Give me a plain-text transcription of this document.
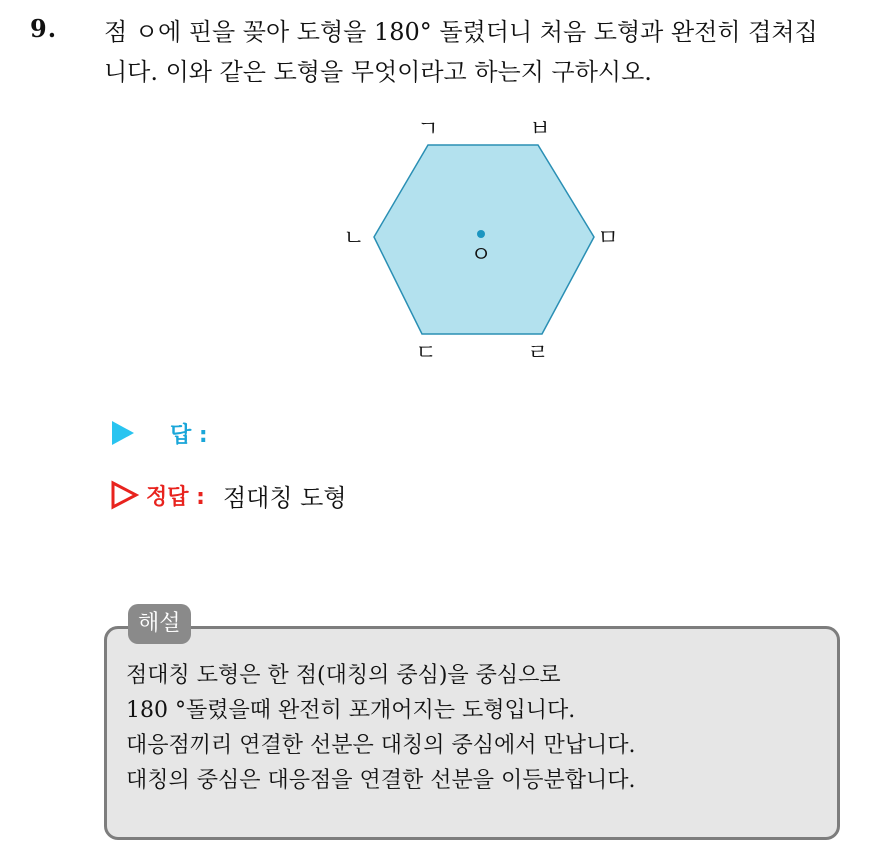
9. 점 ㅇ에 핀을 꽂아 도형을 180° 돌렸더니 처음 도형과 완전히 겹쳐집
니다. 이와 같은 도형을 무엇이라고 하는지 구하시오.
ㅇ
ㄱ	ㅂ
ㄴ	ㅁ
ㄷ	ㄹ
답 :
정답 : 점대칭 도형
해설
점대칭 도형은 한 점(대칭의 중심)을 중심으로
180 °돌렸을때 완전히 포개어지는 도형입니다.
대응점끼리 연결한 선분은 대칭의 중심에서 만납니다.
대칭의 중심은 대응점을 연결한 선분을 이등분합니다.
